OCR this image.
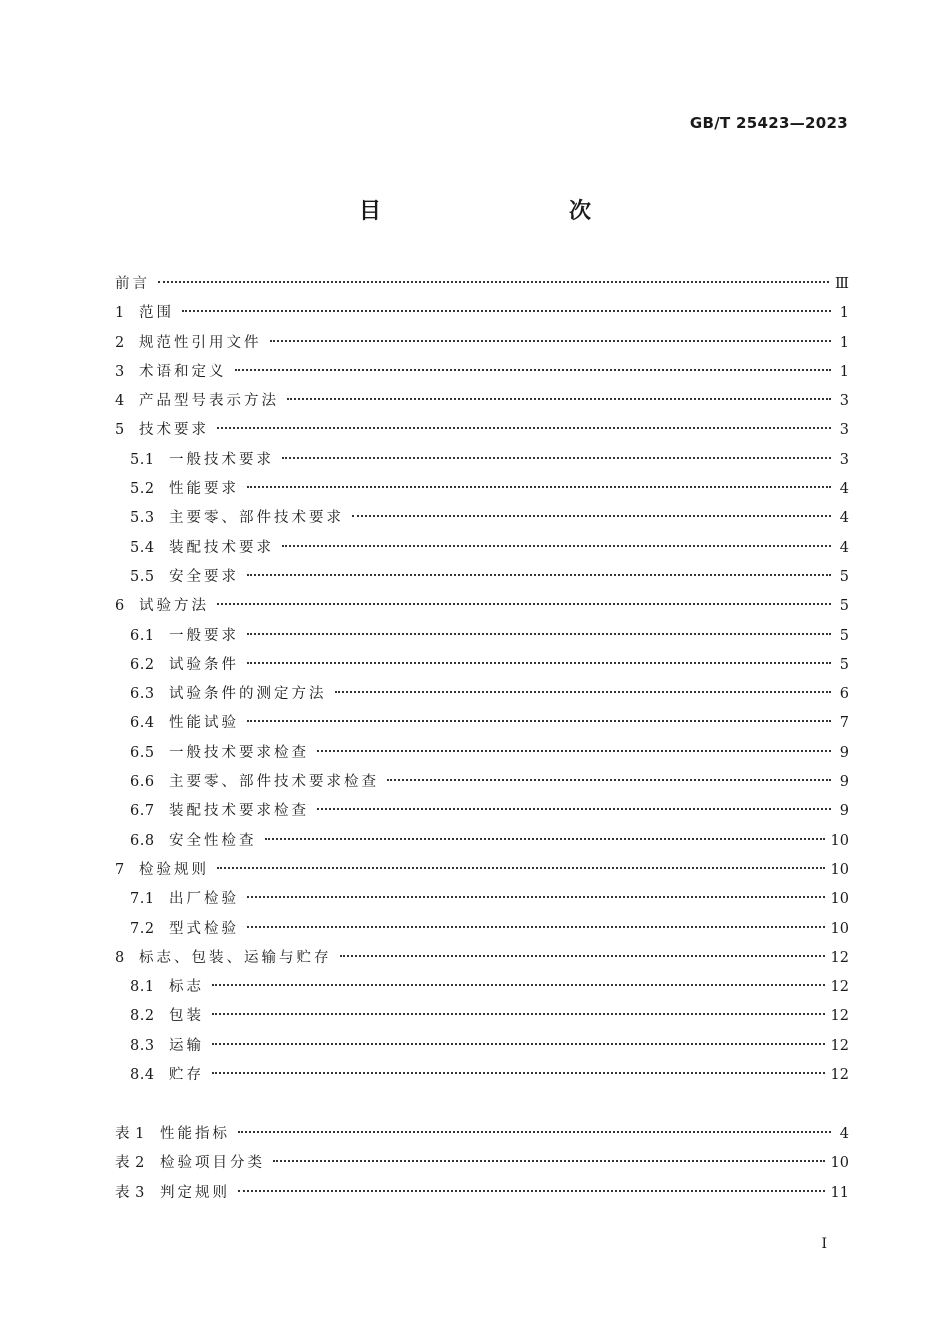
GB/T 25423—2023
目　　次
前言	Ⅲ
1 范围	1
2 规范性引用文件	1
3 术语和定义	1
4 产品型号表示方法	3
5 技术要求	3
5.1 一般技术要求	3
5.2 性能要求	4
5.3 主要零、部件技术要求	4
5.4 装配技术要求	4
5.5 安全要求	5
6 试验方法	5
6.1 一般要求	5
6.2 试验条件	5
6.3 试验条件的测定方法	6
6.4 性能试验	7
6.5 一般技术要求检查	9
6.6 主要零、部件技术要求检查	9
6.7 装配技术要求检查	9
6.8 安全性检查	10
7 检验规则	10
7.1 出厂检验	10
7.2 型式检验	10
8 标志、包装、运输与贮存	12
8.1 标志	12
8.2 包装	12
8.3 运输	12
8.4 贮存	12
表 1	性能指标	4
表 2	检验项目分类	10
表 3	判定规则	11
I
